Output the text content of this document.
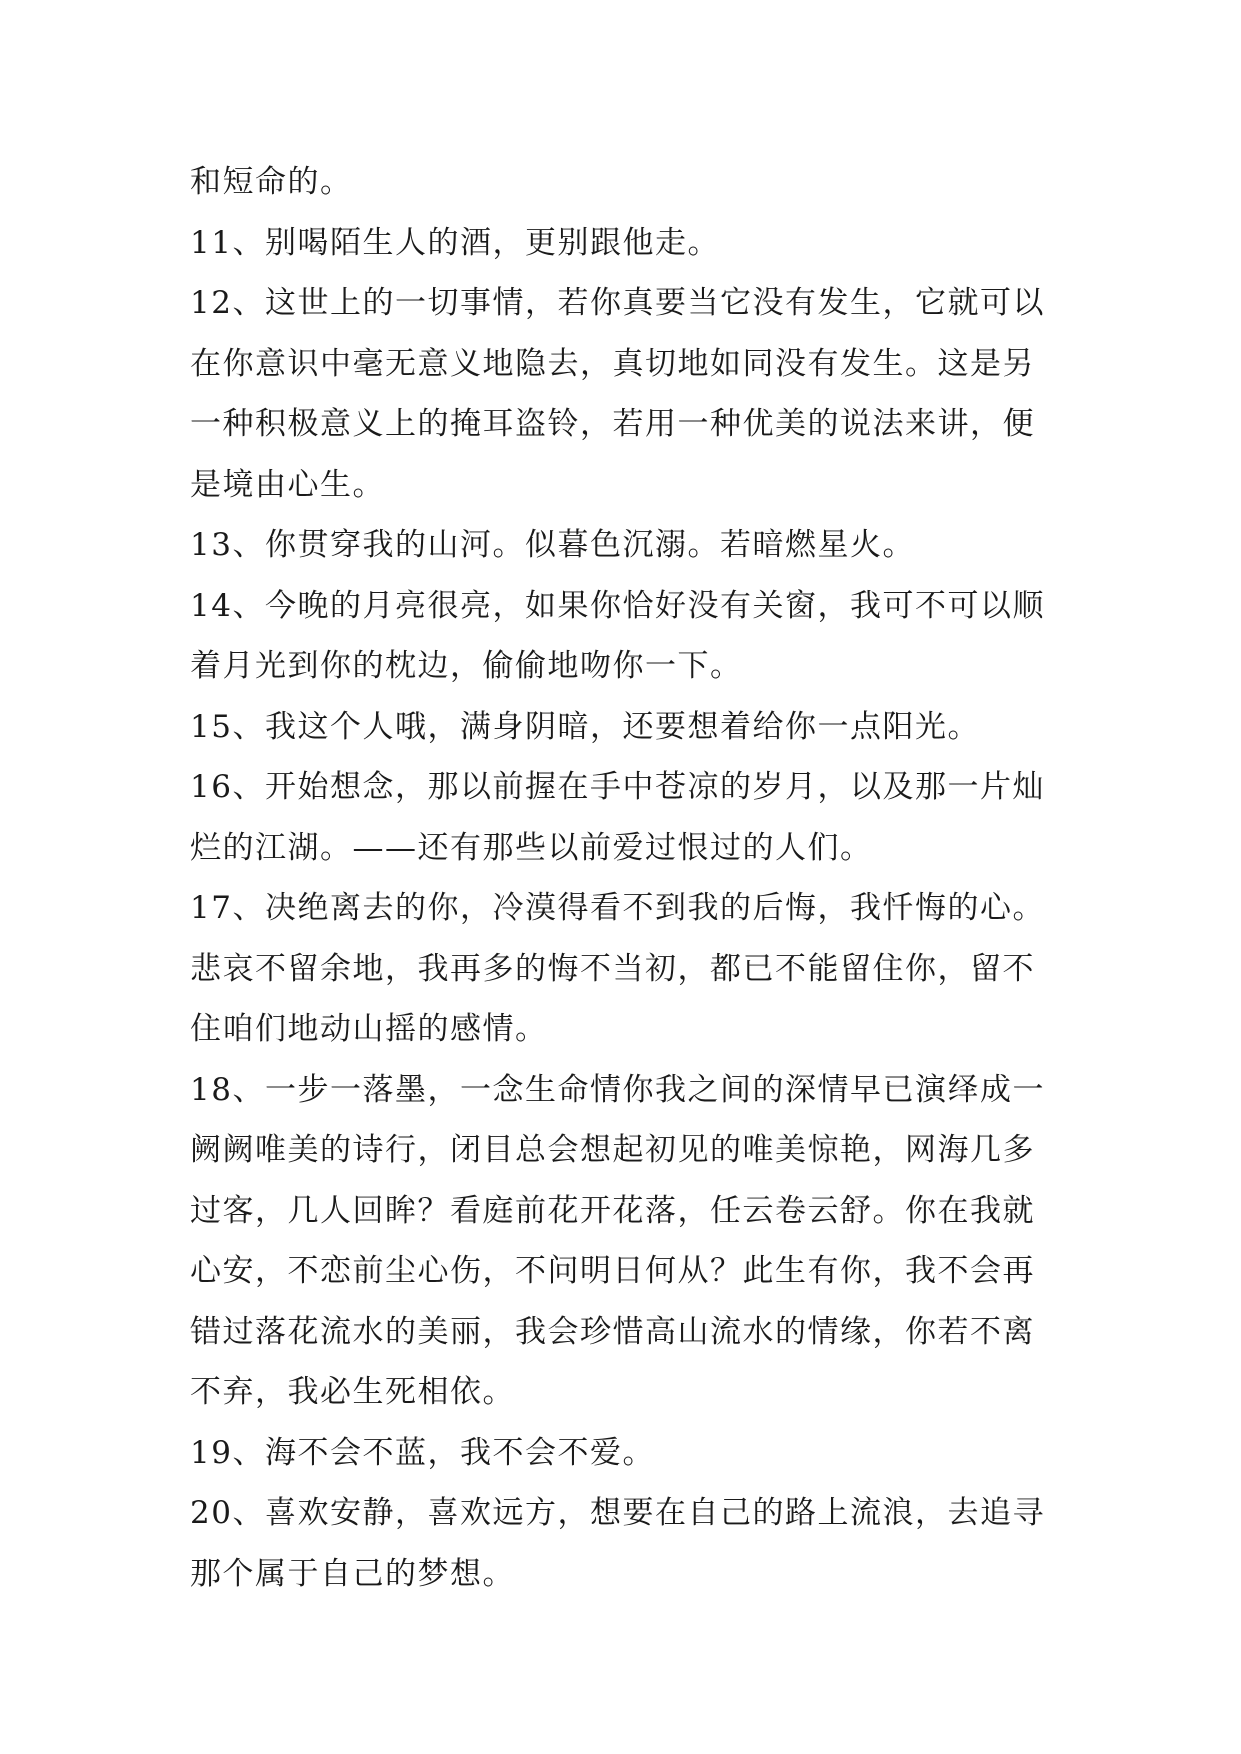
和短命的。
11、别喝陌生人的酒，更别跟他走。
12、这世上的一切事情，若你真要当它没有发生，它就可以
在你意识中毫无意义地隐去，真切地如同没有发生。这是另
一种积极意义上的掩耳盗铃，若用一种优美的说法来讲，便
是境由心生。
13、你贯穿我的山河。似暮色沉溺。若暗燃星火。
14、今晚的月亮很亮，如果你恰好没有关窗，我可不可以顺
着月光到你的枕边，偷偷地吻你一下。
15、我这个人哦，满身阴暗，还要想着给你一点阳光。
16、开始想念，那以前握在手中苍凉的岁月，以及那一片灿
烂的江湖。——还有那些以前爱过恨过的人们。
17、决绝离去的你，冷漠得看不到我的后悔，我忏悔的心。
悲哀不留余地，我再多的悔不当初，都已不能留住你，留不
住咱们地动山摇的感情。
18、一步一落墨，一念生命情你我之间的深情早已演绎成一
阙阙唯美的诗行，闭目总会想起初见的唯美惊艳，网海几多
过客，几人回眸？看庭前花开花落，任云卷云舒。你在我就
心安，不恋前尘心伤，不问明日何从？此生有你，我不会再
错过落花流水的美丽，我会珍惜高山流水的情缘，你若不离
不弃，我必生死相依。
19、海不会不蓝，我不会不爱。
20、喜欢安静，喜欢远方，想要在自己的路上流浪，去追寻
那个属于自己的梦想。
